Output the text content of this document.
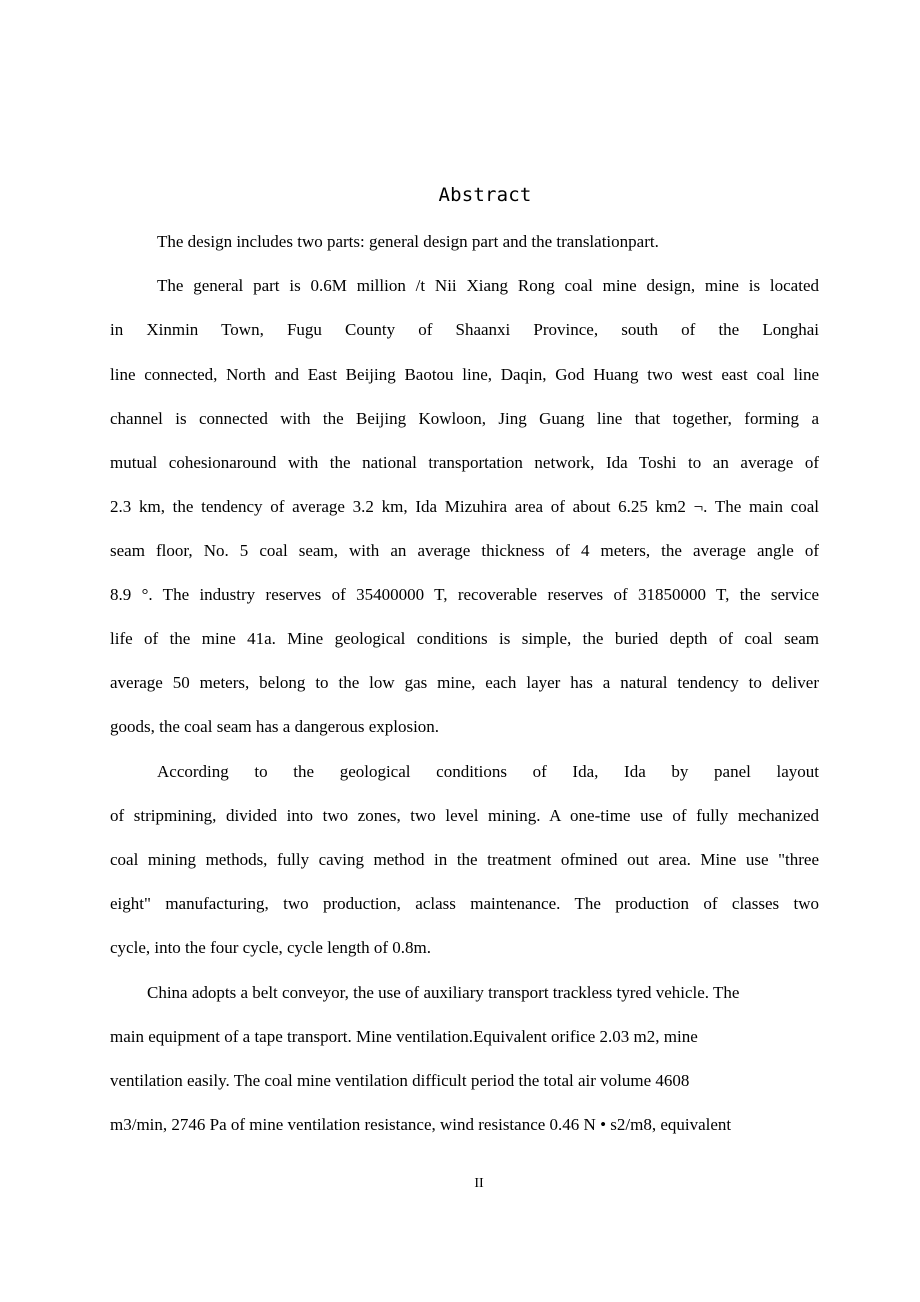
Abstract
The design includes two parts: general design part and the translationpart.
The general part is 0.6M million /t Nii Xiang Rong coal mine design, mine is located
in Xinmin Town, Fugu County of Shaanxi Province, south of the Longhai
line connected, North and East Beijing Baotou line, Daqin, God Huang two west east coal line
channel is connected with the Beijing Kowloon, Jing Guang line that together, forming a
mutual cohesionaround with the national transportation network, Ida Toshi to an average of
2.3 km, the tendency of average 3.2 km, Ida Mizuhira area of about 6.25 km2 ¬. The main coal
seam floor, No. 5 coal seam, with an average thickness of 4 meters, the average angle of
8.9 °. The industry reserves of 35400000 T, recoverable reserves of 31850000 T, the service
life of the mine 41a. Mine geological conditions is simple, the buried depth of coal seam
average 50 meters, belong to the low gas mine, each layer has a natural tendency to deliver
goods, the coal seam has a dangerous explosion.
According to the geological conditions of Ida, Ida by panel layout
of stripmining, divided into two zones, two level mining. A one-time use of fully mechanized
coal mining methods, fully caving method in the treatment ofmined out area. Mine use "three
eight" manufacturing, two production, aclass maintenance. The production of classes two
cycle, into the four cycle, cycle length of 0.8m.
China adopts a belt conveyor, the use of auxiliary transport trackless tyred vehicle. The
main equipment of a tape transport. Mine ventilation.Equivalent orifice 2.03 m2, mine
ventilation easily. The coal mine ventilation difficult period the total air volume 4608
m3/min, 2746 Pa of mine ventilation resistance, wind resistance 0.46 N • s2/m8, equivalent
II
